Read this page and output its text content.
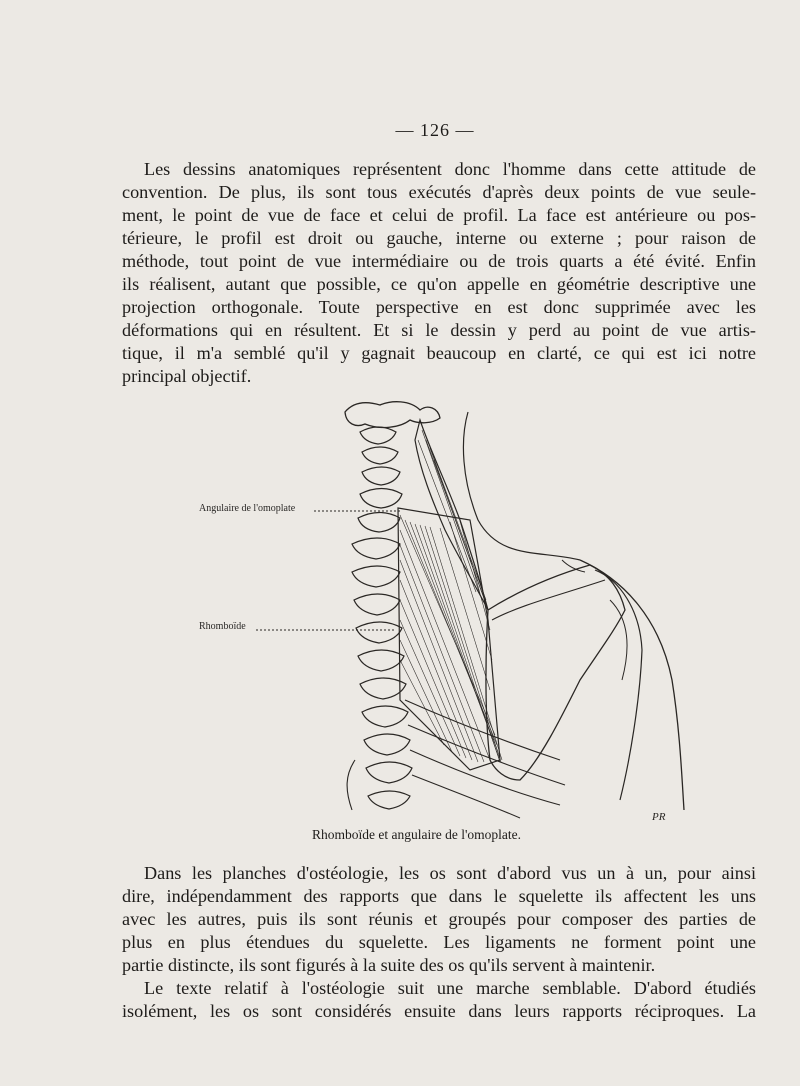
— 126 —
Les dessins anatomiques représentent donc l'homme dans cette attitude de
convention. De plus, ils sont tous exécutés d'après deux points de vue seule-
ment, le point de vue de face et celui de profil. La face est antérieure ou pos-
térieure, le profil est droit ou gauche, interne ou externe ; pour raison de
méthode, tout point de vue intermédiaire ou de trois quarts a été évité. Enfin
ils réalisent, autant que possible, ce qu'on appelle en géométrie descriptive une
projection orthogonale. Toute perspective en est donc supprimée avec les
déformations qui en résultent. Et si le dessin y perd au point de vue artis-
tique, il m'a semblé qu'il y gagnait beaucoup en clarté, ce qui est ici notre
principal objectif.
PR
Angulaire de l'omoplate
Rhomboïde
Rhomboïde et angulaire de l'omoplate.
Dans les planches d'ostéologie, les os sont d'abord vus un à un, pour ainsi
dire, indépendamment des rapports que dans le squelette ils affectent les uns
avec les autres, puis ils sont réunis et groupés pour composer des parties de
plus en plus étendues du squelette. Les ligaments ne forment point une
partie distincte, ils sont figurés à la suite des os qu'ils servent à maintenir.
Le texte relatif à l'ostéologie suit une marche semblable. D'abord étudiés
isolément, les os sont considérés ensuite dans leurs rapports réciproques. La
